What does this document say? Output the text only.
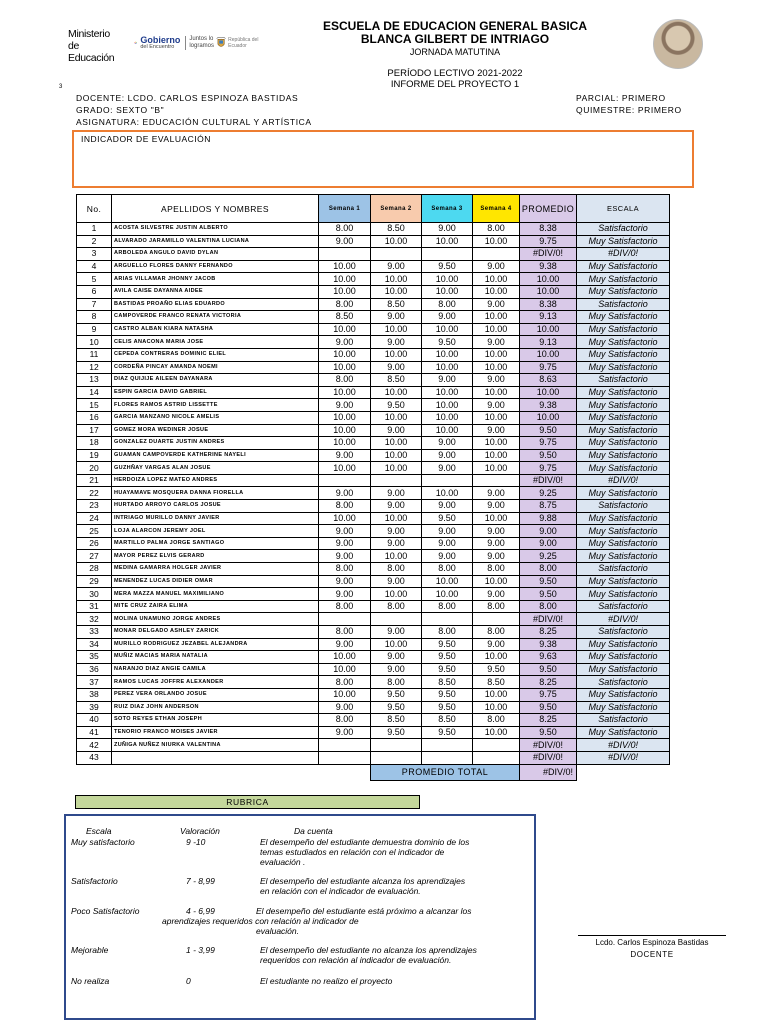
Ministerio
de Educación
Gobierno
del Encuentro
Juntos lo logramos
República del Ecuador
ESCUELA DE EDUCACION GENERAL BASICA
BLANCA GILBERT DE INTRIAGO
JORNADA MATUTINA
PERÍODO LECTIVO 2021-2022
INFORME DEL PROYECTO 1
3
DOCENTE: LCDO. CARLOS ESPINOZA BASTIDAS
GRADO: SEXTO "B"
ASIGNATURA: EDUCACIÓN CULTURAL Y ARTÍSTICA
PARCIAL: PRIMERO
QUIMESTRE: PRIMERO
INDICADOR DE EVALUACIÓN
No.	APELLIDOS Y NOMBRES	Semana 1	Semana 2	Semana 3	Semana 4	PROMEDIO	ESCALA
1	ACOSTA SILVESTRE JUSTIN ALBERTO	8.00	8.50	9.00	8.00	8.38	Satisfactorio
2	ALVARADO JARAMILLO VALENTINA LUCIANA	9.00	10.00	10.00	10.00	9.75	Muy Satisfactorio
3	ARBOLEDA ANGULO DAVID DYLAN					#DIV/0!	#DIV/0!
4	ARGUELLO FLORES DANNY FERNANDO	10.00	9.00	9.50	9.00	9.38	Muy Satisfactorio
5	ARIAS VILLAMAR JHONNY JACOB	10.00	10.00	10.00	10.00	10.00	Muy Satisfactorio
6	AVILA CAISE DAYANNA AIDEE	10.00	10.00	10.00	10.00	10.00	Muy Satisfactorio
7	BASTIDAS PROAÑO ELIAS EDUARDO	8.00	8.50	8.00	9.00	8.38	Satisfactorio
8	CAMPOVERDE FRANCO RENATA VICTORIA	8.50	9.00	9.00	10.00	9.13	Muy Satisfactorio
9	CASTRO ALBAN KIARA NATASHA	10.00	10.00	10.00	10.00	10.00	Muy Satisfactorio
10	CELIS ANACONA MARIA JOSE	9.00	9.00	9.50	9.00	9.13	Muy Satisfactorio
11	CEPEDA CONTRERAS DOMINIC ELIEL	10.00	10.00	10.00	10.00	10.00	Muy Satisfactorio
12	CORDEÑA PINCAY AMANDA NOEMI	10.00	9.00	10.00	10.00	9.75	Muy Satisfactorio
13	DIAZ QUIJIJE AILEEN DAYANARA	8.00	8.50	9.00	9.00	8.63	Satisfactorio
14	ESPIN GARCIA DAVID GABRIEL	10.00	10.00	10.00	10.00	10.00	Muy Satisfactorio
15	FLORES RAMOS ASTRID LISSETTE	9.00	9.50	10.00	9.00	9.38	Muy Satisfactorio
16	GARCIA MANZANO NICOLE AMELIS	10.00	10.00	10.00	10.00	10.00	Muy Satisfactorio
17	GOMEZ MORA WEDINER JOSUE	10.00	9.00	10.00	9.00	9.50	Muy Satisfactorio
18	GONZALEZ DUARTE JUSTIN ANDRES	10.00	10.00	9.00	10.00	9.75	Muy Satisfactorio
19	GUAMAN CAMPOVERDE KATHERINE NAYELI	9.00	10.00	9.00	10.00	9.50	Muy Satisfactorio
20	GUZHÑAY VARGAS ALAN JOSUE	10.00	10.00	9.00	10.00	9.75	Muy Satisfactorio
21	HERDOIZA LOPEZ MATEO ANDRES					#DIV/0!	#DIV/0!
22	HUAYAMAVE MOSQUERA DANNA FIORELLA	9.00	9.00	10.00	9.00	9.25	Muy Satisfactorio
23	HURTADO ARROYO CARLOS JOSUE	8.00	9.00	9.00	9.00	8.75	Satisfactorio
24	INTRIAGO MURILLO DANNY JAVIER	10.00	10.00	9.50	10.00	9.88	Muy Satisfactorio
25	LOJA ALARCON JEREMY JOEL	9.00	9.00	9.00	9.00	9.00	Muy Satisfactorio
26	MARTILLO PALMA JORGE SANTIAGO	9.00	9.00	9.00	9.00	9.00	Muy Satisfactorio
27	MAYOR PEREZ ELVIS GERARD	9.00	10.00	9.00	9.00	9.25	Muy Satisfactorio
28	MEDINA GAMARRA HOLGER JAVIER	8.00	8.00	8.00	8.00	8.00	Satisfactorio
29	MENENDEZ LUCAS DIDIER OMAR	9.00	9.00	10.00	10.00	9.50	Muy Satisfactorio
30	MERA MAZZA MANUEL MAXIMILIANO	9.00	10.00	10.00	9.00	9.50	Muy Satisfactorio
31	MITE CRUZ ZAIRA ELIMA	8.00	8.00	8.00	8.00	8.00	Satisfactorio
32	MOLINA UNAMUNO JORGE ANDRES					#DIV/0!	#DIV/0!
33	MONAR DELGADO ASHLEY ZARICK	8.00	9.00	8.00	8.00	8.25	Satisfactorio
34	MURILLO RODRIGUEZ JEZABEL ALEJANDRA	9.00	10.00	9.50	9.00	9.38	Muy Satisfactorio
35	MUÑIZ MACIAS MARIA NATALIA	10.00	9.00	9.50	10.00	9.63	Muy Satisfactorio
36	NARANJO DIAZ ANGIE CAMILA	10.00	9.00	9.50	9.50	9.50	Muy Satisfactorio
37	RAMOS LUCAS JOFFRE ALEXANDER	8.00	8.00	8.50	8.50	8.25	Satisfactorio
38	PEREZ VERA ORLANDO JOSUE	10.00	9.50	9.50	10.00	9.75	Muy Satisfactorio
39	RUIZ DIAZ JOHN ANDERSON	9.00	9.50	9.50	10.00	9.50	Muy Satisfactorio
40	SOTO REYES ETHAN JOSEPH	8.00	8.50	8.50	8.00	8.25	Satisfactorio
41	TENORIO FRANCO MOISES JAVIER	9.00	9.50	9.50	10.00	9.50	Muy Satisfactorio
42	ZUÑIGA NUÑEZ NIURKA VALENTINA					#DIV/0!	#DIV/0!
43						#DIV/0!	#DIV/0!
			PROMEDIO TOTAL			#DIV/0!	
RUBRICA
Escala	Valoración	Da cuenta
Muy satisfactorio	9 -10	El desempeño del estudiante demuestra dominio de los
temas estudiados en relación con el indicador de
evaluación .
Satisfactorio	7 - 8,99	El desempeño del estudiante alcanza los aprendizajes
en relación con el indicador de evaluación.
Poco Satisfactorio	4 - 6,99	El desempeño del estudiante está próximo a alcanzar los
aprendizajes requeridos con relación al indicador de
evaluación.
Mejorable	1 - 3,99	El desempeño del estudiante no alcanza los aprendizajes
requeridos con relación al indicador de evaluación.
No realiza	0	El estudiante no realizo el proyecto
Lcdo. Carlos Espinoza Bastidas
DOCENTE
